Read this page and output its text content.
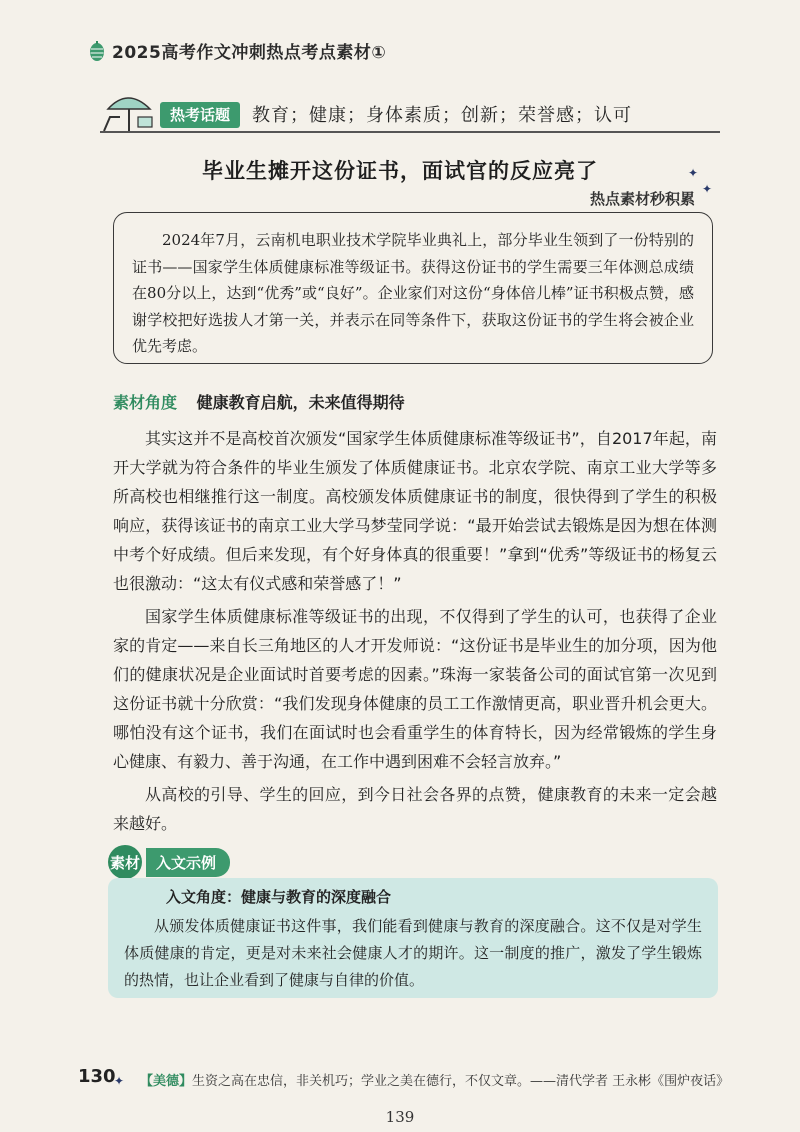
2025高考作文冲刺热点考点素材①
热考话题	教育；健康；身体素质；创新；荣誉感；认可
毕业生摊开这份证书，面试官的反应亮了	✦
✦
热点素材秒积累

2024年7月，云南机电职业技术学院毕业典礼上，部分毕业生领到了一份特别的证书——国家学生体质健康标准等级证书。获得这份证书的学生需要三年体测总成绩在80分以上，达到“优秀”或“良好”。企业家们对这份“身体倍儿棒”证书积极点赞，感谢学校把好选拔人才第一关，并表示在同等条件下，获取这份证书的学生将会被企业优先考虑。

素材角度 健康教育启航，未来值得期待

其实这并不是高校首次颁发“国家学生体质健康标准等级证书”，自2017年起，南开大学就为符合条件的毕业生颁发了体质健康证书。北京农学院、南京工业大学等多所高校也相继推行这一制度。高校颁发体质健康证书的制度，很快得到了学生的积极响应，获得该证书的南京工业大学马梦莹同学说：“最开始尝试去锻炼是因为想在体测中考个好成绩。但后来发现，有个好身体真的很重要！”拿到“优秀”等级证书的杨复云也很激动：“这太有仪式感和荣誉感了！”

国家学生体质健康标准等级证书的出现，不仅得到了学生的认可，也获得了企业家的肯定——来自长三角地区的人才开发师说：“这份证书是毕业生的加分项，因为他们的健康状况是企业面试时首要考虑的因素。”珠海一家装备公司的面试官第一次见到这份证书就十分欣赏：“我们发现身体健康的员工工作激情更高，职业晋升机会更大。哪怕没有这个证书，我们在面试时也会看重学生的体育特长，因为经常锻炼的学生身心健康、有毅力、善于沟通，在工作中遇到困难不会轻言放弃。”

从高校的引导、学生的回应，到今日社会各界的点赞，健康教育的未来一定会越来越好。

素材	入文示例
入文角度：健康与教育的深度融合

从颁发体质健康证书这件事，我们能看到健康与教育的深度融合。这不仅是对学生体质健康的肯定，更是对未来社会健康人才的期许。这一制度的推广，激发了学生锻炼的热情，也让企业看到了健康与自律的价值。

130
✦ 【美德】生资之高在忠信，非关机巧；学业之美在德行，不仅文章。——清代学者 王永彬《围炉夜话》
139
